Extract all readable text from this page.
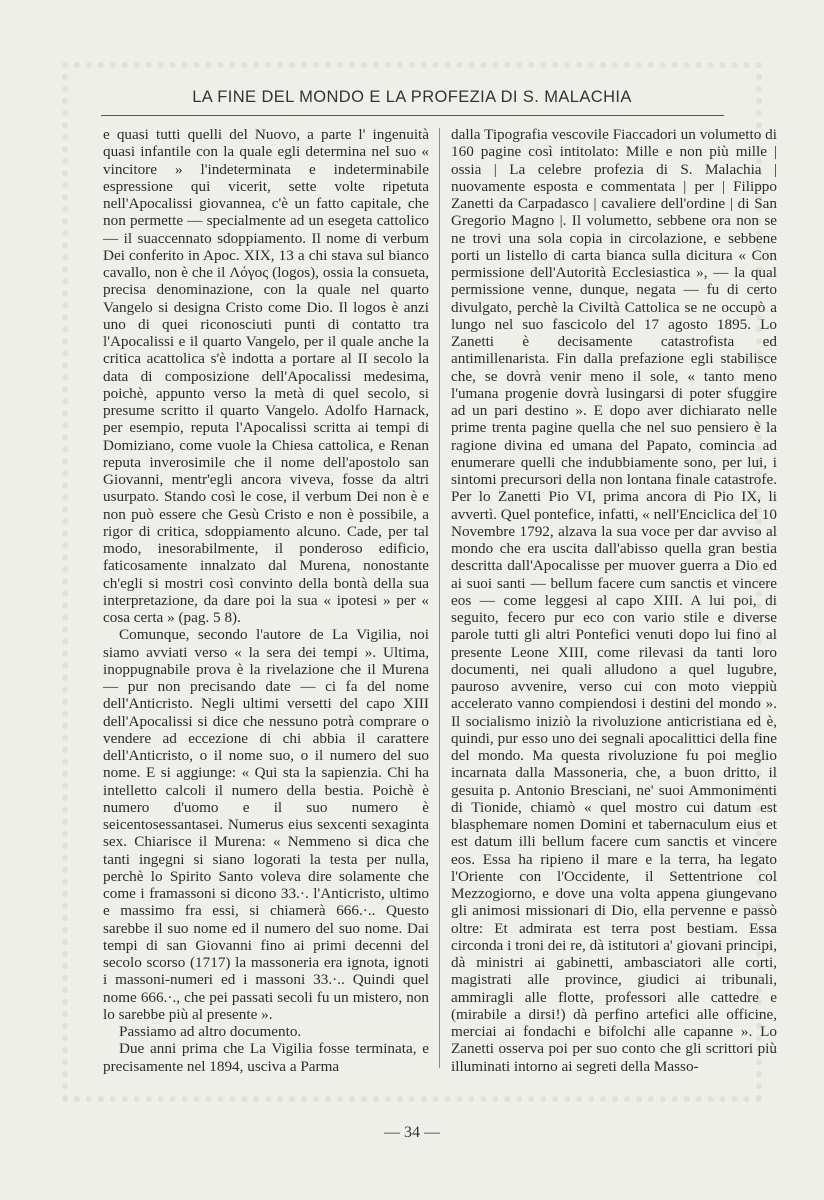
LA FINE DEL MONDO E LA PROFEZIA DI S. MALACHIA

e quasi tutti quelli del Nuovo, a parte l' ingenuità quasi infantile con la quale egli determina nel suo « vincitore » l'indeterminata e indeterminabile espressione qui vicerit, sette volte ripetuta nell'Apocalissi giovannea, c'è un fatto capitale, che non permette — specialmente ad un esegeta cattolico — il suaccennato sdoppiamento. Il nome di verbum Dei conferito in Apoc. XIX, 13 a chi stava sul bianco cavallo, non è che il Λόγος (logos), ossia la consueta, precisa denominazione, con la quale nel quarto Vangelo si designa Cristo come Dio. Il logos è anzi uno di quei riconosciuti punti di contatto tra l'Apocalissi e il quarto Vangelo, per il quale anche la critica acattolica s'è indotta a portare al II secolo la data di composizione dell'Apocalissi medesima, poichè, appunto verso la metà di quel secolo, si presume scritto il quarto Vangelo. Adolfo Harnack, per esempio, reputa l'Apocalissi scritta ai tempi di Domiziano, come vuole la Chiesa cattolica, e Renan reputa inverosimile che il nome dell'apostolo san Giovanni, mentr'egli ancora viveva, fosse da altri usurpato. Stando così le cose, il verbum Dei non è e non può essere che Gesù Cristo e non è possibile, a rigor di critica, sdoppiamento alcuno. Cade, per tal modo, inesorabilmente, il ponderoso edificio, faticosamente innalzato dal Murena, nonostante ch'egli si mostri così convinto della bontà della sua interpretazione, da dare poi la sua « ipotesi » per « cosa certa » (pag. 5 8).

Comunque, secondo l'autore de La Vigilia, noi siamo avviati verso « la sera dei tempi ». Ultima, inoppugnabile prova è la rivelazione che il Murena — pur non precisando date — ci fa del nome dell'Anticristo. Negli ultimi versetti del capo XIII dell'Apocalissi si dice che nessuno potrà comprare o vendere ad eccezione di chi abbia il carattere dell'Anticristo, o il nome suo, o il numero del suo nome. E si aggiunge: « Qui sta la sapienzia. Chi ha intelletto calcoli il numero della bestia. Poichè è numero d'uomo e il suo numero è seicentosessantasei. Numerus eius sexcenti sexaginta sex. Chiarisce il Murena: « Nemmeno si dica che tanti ingegni si siano logorati la testa per nulla, perchè lo Spirito Santo voleva dire solamente che come i framassoni si dicono 33.·. l'Anticristo, ultimo e massimo fra essi, si chiamerà 666.·.. Questo sarebbe il suo nome ed il numero del suo nome. Dai tempi di san Giovanni fino ai primi decenni del secolo scorso (1717) la massoneria era ignota, ignoti i massoni-numeri ed i massoni 33.·.. Quindi quel nome 666.·., che pei passati secoli fu un mistero, non lo sarebbe più al presente ».

Passiamo ad altro documento.

Due anni prima che La Vigilia fosse terminata, e precisamente nel 1894, usciva a Parma

dalla Tipografia vescovile Fiaccadori un volumetto di 160 pagine così intitolato: Mille e non più mille | ossia | La celebre profezia di S. Malachia | nuovamente esposta e commentata | per | Filippo Zanetti da Carpadasco | cavaliere dell'ordine | di San Gregorio Magno |. Il volumetto, sebbene ora non se ne trovi una sola copia in circolazione, e sebbene porti un listello di carta bianca sulla dicitura « Con permissione dell'Autorità Ecclesiastica », — la qual permissione venne, dunque, negata — fu di certo divulgato, perchè la Civiltà Cattolica se ne occupò a lungo nel suo fascicolo del 17 agosto 1895. Lo Zanetti è decisamente catastrofista ed antimillenarista. Fin dalla prefazione egli stabilisce che, se dovrà venir meno il sole, « tanto meno l'umana progenie dovrà lusingarsi di poter sfuggire ad un pari destino ». E dopo aver dichiarato nelle prime trenta pagine quella che nel suo pensiero è la ragione divina ed umana del Papato, comincia ad enumerare quelli che indubbiamente sono, per lui, i sintomi precursori della non lontana finale catastrofe. Per lo Zanetti Pio VI, prima ancora di Pio IX, li avvertì. Quel pontefice, infatti, « nell'Enciclica del 10 Novembre 1792, alzava la sua voce per dar avviso al mondo che era uscita dall'abisso quella gran bestia descritta dall'Apocalisse per muover guerra a Dio ed ai suoi santi — bellum facere cum sanctis et vincere eos — come leggesi al capo XIII. A lui poi, di seguito, fecero pur eco con vario stile e diverse parole tutti gli altri Pontefici venuti dopo lui fino al presente Leone XIII, come rilevasi da tanti loro documenti, nei quali alludono a quel lugubre, pauroso avvenire, verso cui con moto vieppiù accelerato vanno compiendosi i destini del mondo ». Il socialismo iniziò la rivoluzione anticristiana ed è, quindi, pur esso uno dei segnali apocalittici della fine del mondo. Ma questa rivoluzione fu poi meglio incarnata dalla Massoneria, che, a buon dritto, il gesuita p. Antonio Bresciani, ne' suoi Ammonimenti di Tionide, chiamò « quel mostro cui datum est blasphemare nomen Domini et tabernaculum eius et est datum illi bellum facere cum sanctis et vincere eos. Essa ha ripieno il mare e la terra, ha legato l'Oriente con l'Occidente, il Settentrione col Mezzogiorno, e dove una volta appena giungevano gli animosi missionari di Dio, ella pervenne e passò oltre: Et admirata est terra post bestiam. Essa circonda i troni dei re, dà istitutori a' giovani principi, dà ministri ai gabinetti, ambasciatori alle corti, magistrati alle province, giudici ai tribunali, ammiragli alle flotte, professori alle cattedre e (mirabile a dirsi!) dà perfino artefici alle officine, merciai ai fondachi e bifolchi alle capanne ». Lo Zanetti osserva poi per suo conto che gli scrittori più illuminati intorno ai segreti della Masso-

— 34 —
